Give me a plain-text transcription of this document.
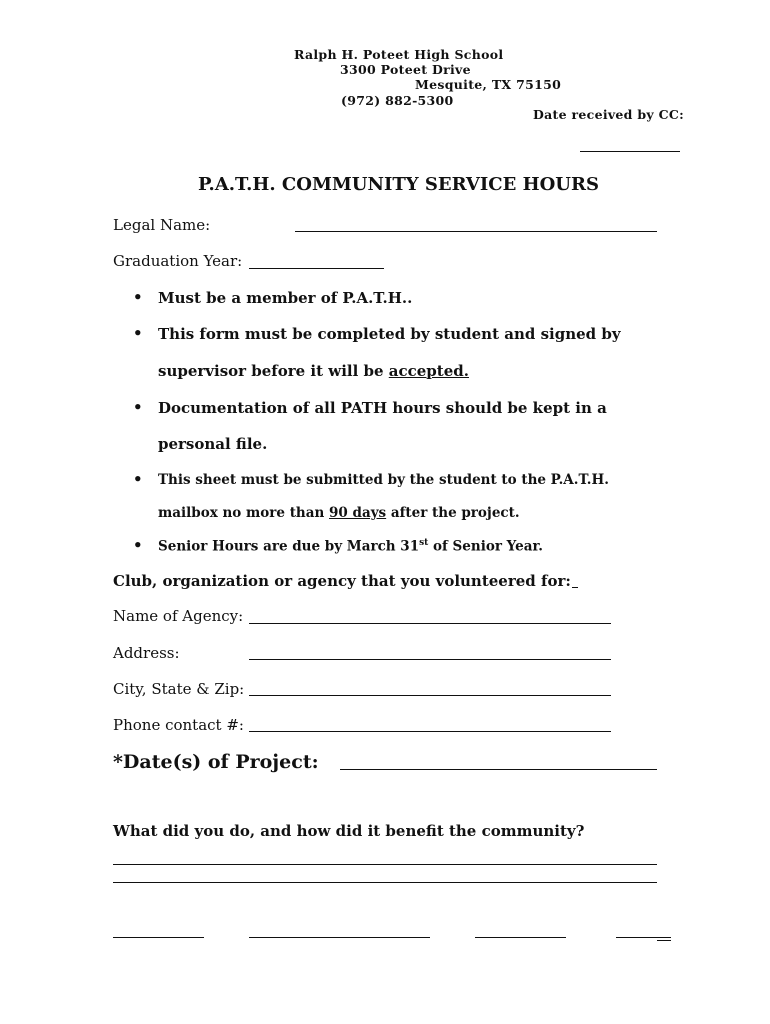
Ralph H. Poteet High School
3300 Poteet Drive
Mesquite, TX 75150
(972) 882-5300
Date received by CC:
P.A.T.H. COMMUNITY SERVICE HOURS
Legal Name:
Graduation Year:
• Must be a member of P.A.T.H..
• This form must be completed by student and signed by
supervisor before it will be accepted.
• Documentation of all PATH hours should be kept in a
personal file.
• This sheet must be submitted by the student to the P.A.T.H.
mailbox no more than 90 days after the project.
• Senior Hours are due by March 31st of Senior Year.
Club, organization or agency that you volunteered for:
Name of Agency:
Address:
City, State & Zip:
Phone contact #:
*Date(s) of Project:
What did you do, and how did it benefit the community?
